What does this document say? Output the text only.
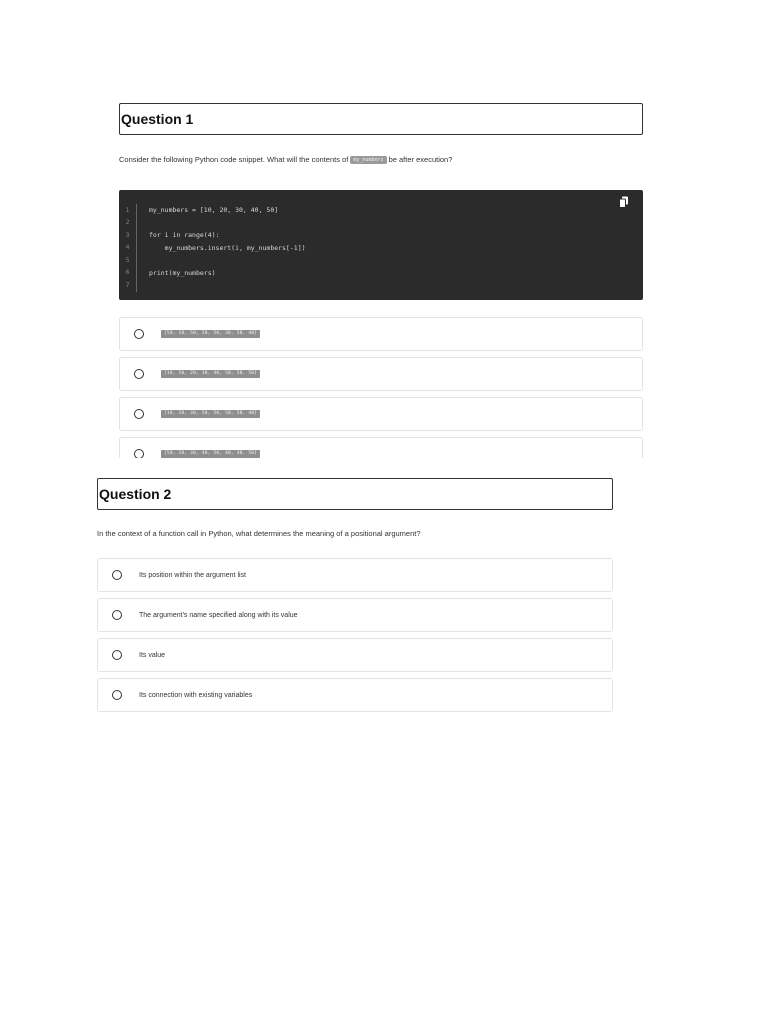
Question 1
Consider the following Python code snippet. What will the contents of my_numbers be after execution?
1	my_numbers = [10, 20, 30, 40, 50]
2
3	for i in range(4):
4	my_numbers.insert(i, my_numbers[-1])
5
6	print(my_numbers)
7
[50, 10, 50, 20, 50, 30, 50, 40]
[10, 50, 20, 30, 40, 50, 50, 50]
[10, 20, 30, 50, 50, 50, 50, 40]
[50, 20, 30, 40, 50, 40, 40, 50]
Question 2
In the context of a function call in Python, what determines the meaning of a positional argument?
Its position within the argument list
The argument's name specified along with its value
Its value
Its connection with existing variables
